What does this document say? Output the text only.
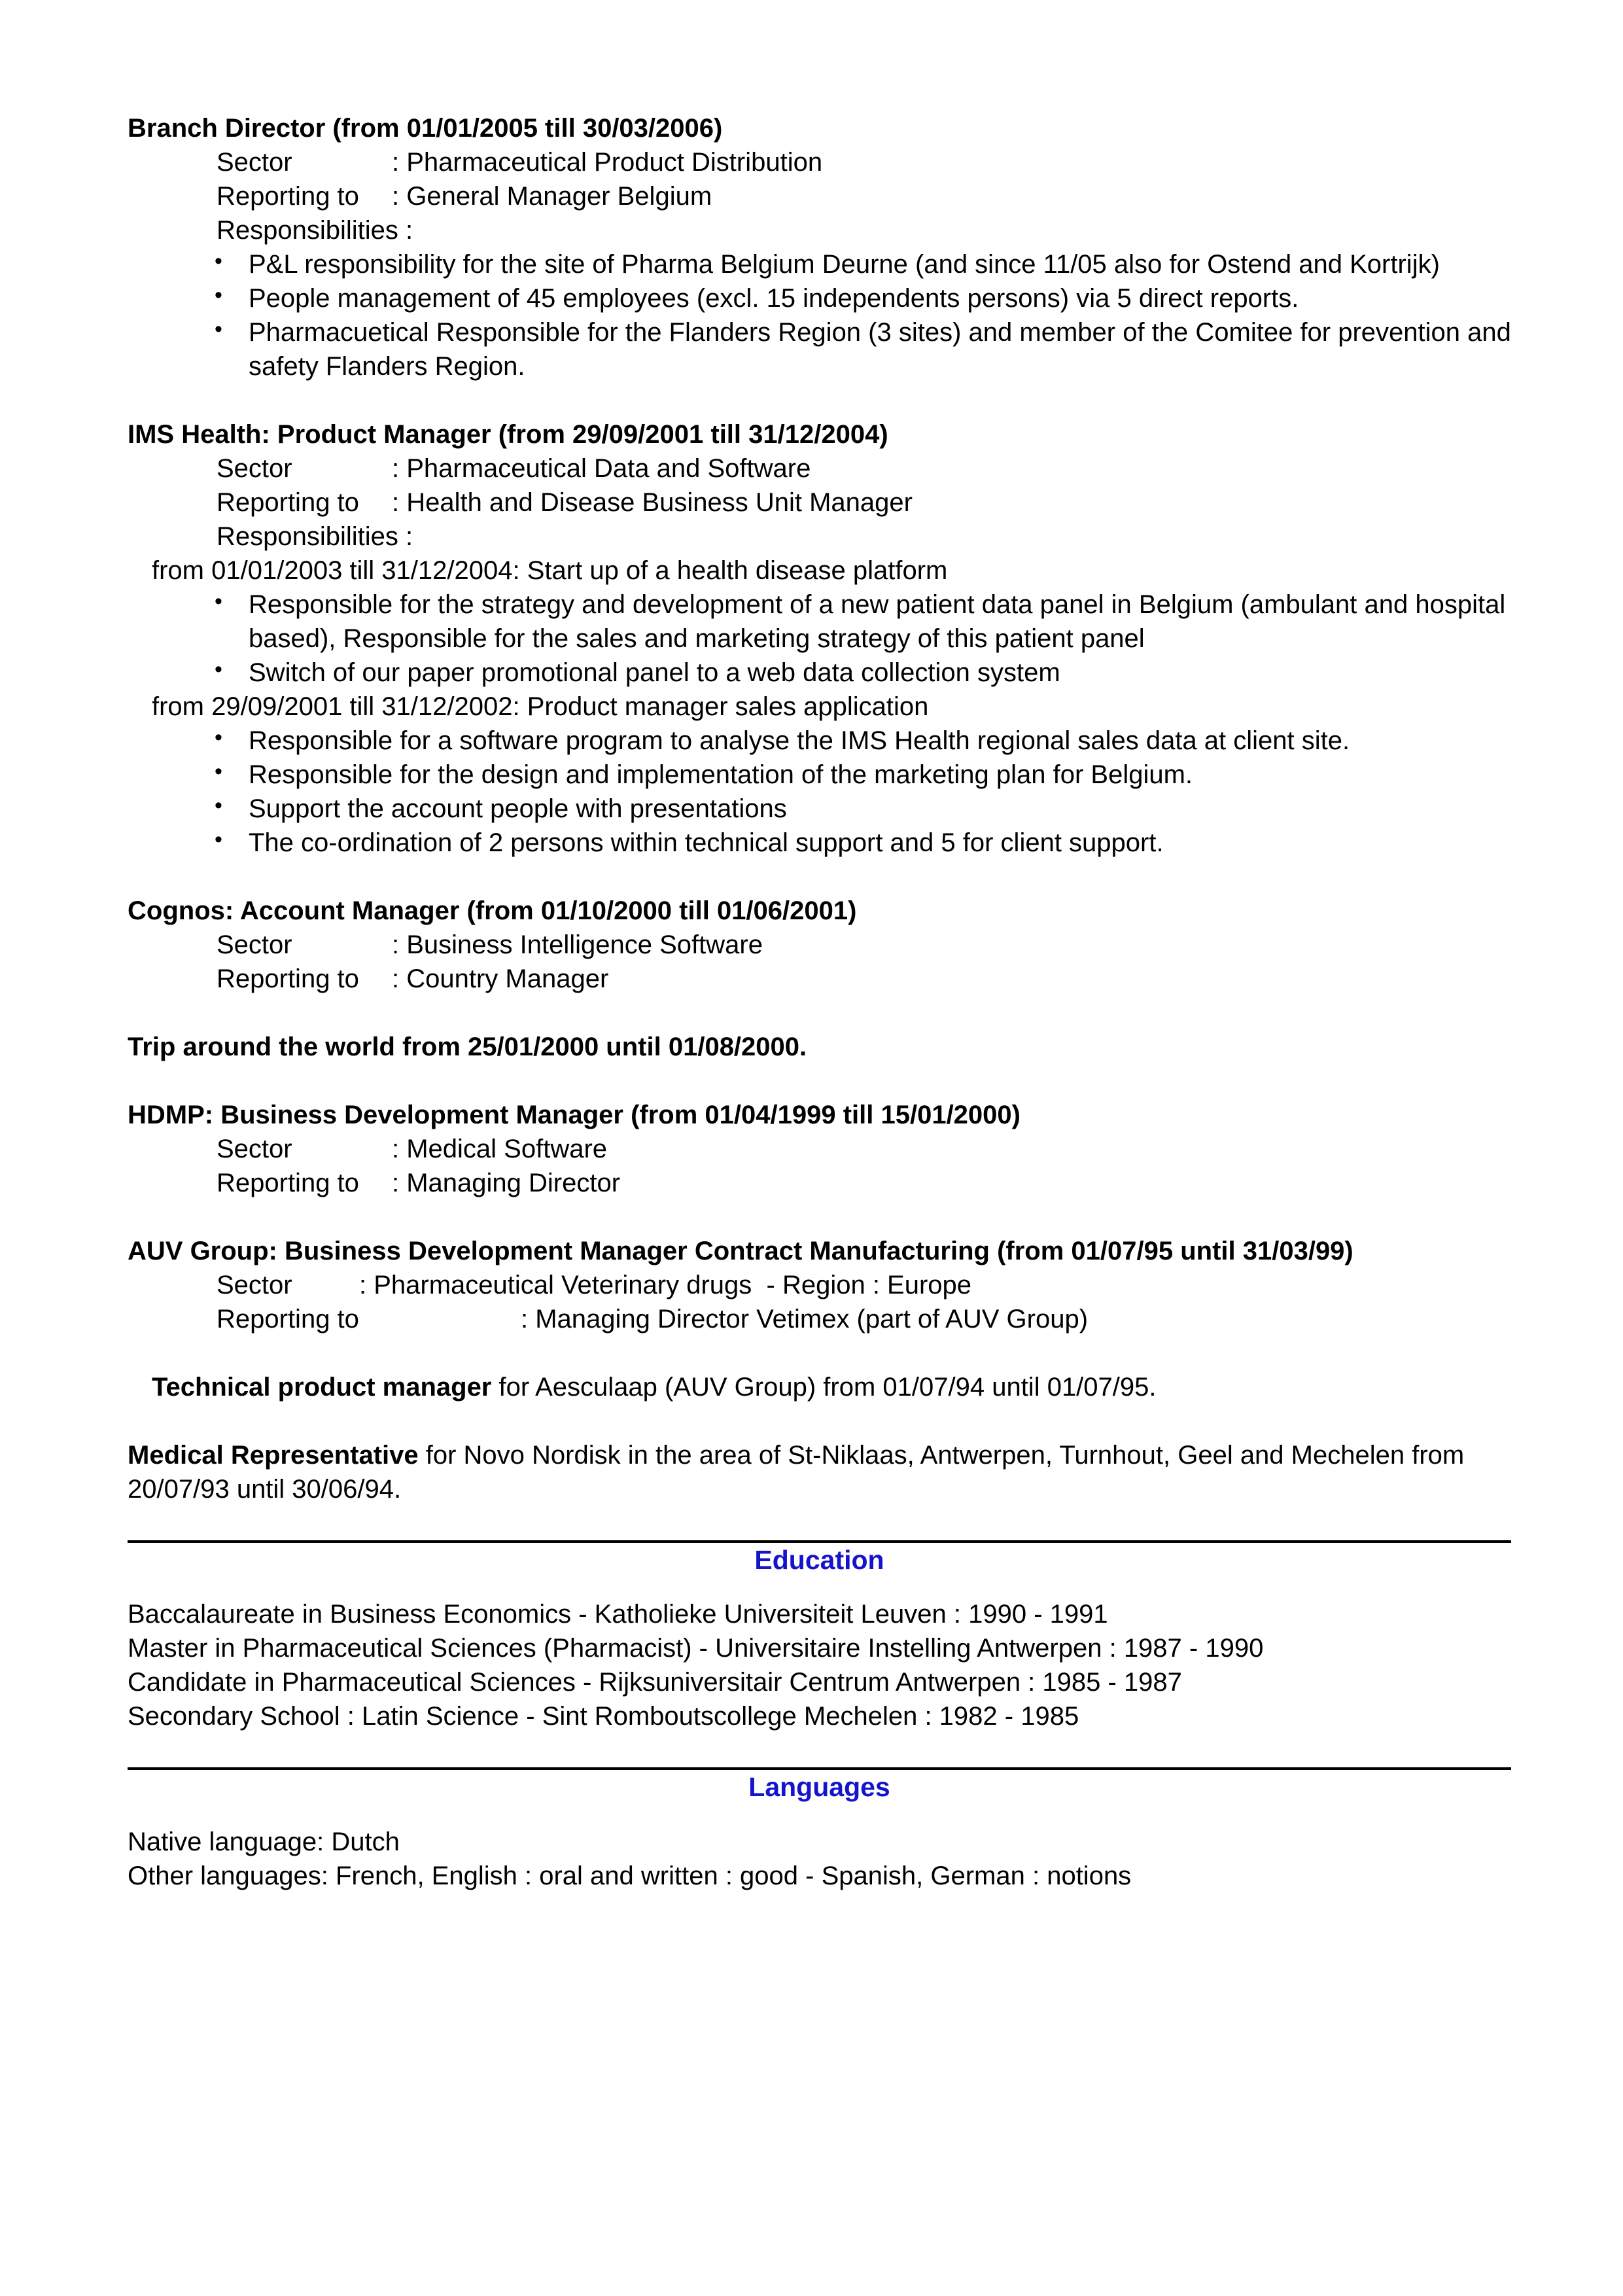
Branch Director (from 01/01/2005 till 30/03/2006)

Sector	: Pharmaceutical Product Distribution
Reporting to	: General Manager Belgium

Responsibilities :

• P&L responsibility for the site of Pharma Belgium Deurne (and since 11/05 also for Ostend and Kortrijk)
• People management of 45 employees (excl. 15 independents persons) via 5 direct reports.
• Pharmacuetical Responsible for the Flanders Region (3 sites) and member of the Comitee for prevention and safety Flanders Region.

IMS Health: Product Manager (from 29/09/2001 till 31/12/2004)

Sector	: Pharmaceutical Data and Software
Reporting to	: Health and Disease Business Unit Manager

Responsibilities :

from 01/01/2003 till 31/12/2004: Start up of a health disease platform

• Responsible for the strategy and development of a new patient data panel in Belgium (ambulant and hospital based), Responsible for the sales and marketing strategy of this patient panel
• Switch of our paper promotional panel to a web data collection system

from 29/09/2001 till 31/12/2002: Product manager sales application

• Responsible for a software program to analyse the IMS Health regional sales data at client site.
• Responsible for the design and implementation of the marketing plan for Belgium.
• Support the account people with presentations
• The co-ordination of 2 persons within technical support and 5 for client support.

Cognos: Account Manager (from 01/10/2000 till 01/06/2001)

Sector	: Business Intelligence Software
Reporting to	: Country Manager

Trip around the world from 25/01/2000 until 01/08/2000.

HDMP: Business Development Manager (from 01/04/1999 till 15/01/2000)

Sector	: Medical Software
Reporting to	: Managing Director

AUV Group: Business Development Manager Contract Manufacturing (from 01/07/95 until 31/03/99)

Sector	: Pharmaceutical Veterinary drugs  - Region : Europe
Reporting to	: Managing Director Vetimex (part of AUV Group)

Technical product manager for Aesculaap (AUV Group) from 01/07/94 until 01/07/95.

Medical Representative for Novo Nordisk in the area of St-Niklaas, Antwerpen, Turnhout, Geel and Mechelen from 20/07/93 until 30/06/94.

Education

Baccalaureate in Business Economics - Katholieke Universiteit Leuven : 1990 - 1991

Master in Pharmaceutical Sciences (Pharmacist) - Universitaire Instelling Antwerpen : 1987 - 1990

Candidate in Pharmaceutical Sciences - Rijksuniversitair Centrum Antwerpen : 1985 - 1987

Secondary School : Latin Science - Sint Romboutscollege Mechelen : 1982 - 1985

Languages

Native language : Dutch
Other languages : French, English : oral and written : good - Spanish, German : notions
